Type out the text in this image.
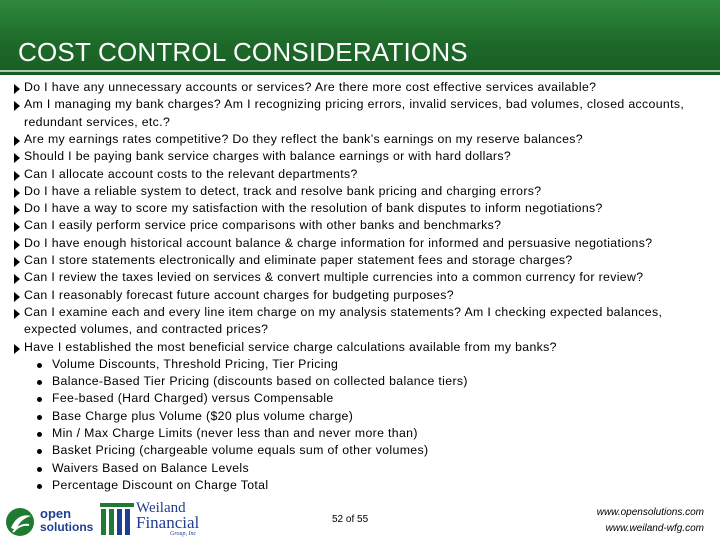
COST CONTROL CONSIDERATIONS
Do I have any unnecessary accounts or services? Are there more cost effective services available?
Am I managing my bank charges? Am I recognizing pricing errors, invalid services, bad volumes, closed accounts,
redundant services, etc.?
Are my earnings rates competitive? Do they reflect the bank’s earnings on my reserve balances?
Should I be paying bank service charges with balance earnings or with hard dollars?
Can I allocate account costs to the relevant departments?
Do I have a reliable system to detect, track and resolve bank pricing and charging errors?
Do I have a way to score my satisfaction with the resolution of bank disputes to inform negotiations?
Can I easily perform service price comparisons with other banks and benchmarks?
Do I have enough historical account balance & charge information for informed and persuasive negotiations?
Can I store statements electronically and eliminate paper statement fees and storage charges?
Can I review the taxes levied on services & convert multiple currencies into a common currency for review?
Can I reasonably forecast future account charges for budgeting purposes?
Can I examine each and every line item charge on my analysis statements? Am I checking expected balances,
expected volumes, and contracted prices?
Have I established the most beneficial service charge calculations available from my banks?
Volume Discounts, Threshold Pricing, Tier Pricing
Balance-Based Tier Pricing (discounts based on collected balance tiers)
Fee-based (Hard Charged) versus Compensable
Base Charge plus Volume ($20 plus volume charge)
Min / Max Charge Limits (never less than and never more than)
Basket Pricing (chargeable volume equals sum of other volumes)
Waivers Based on Balance Levels
Percentage Discount on Charge Total
open
solutions
Weiland
Financial
Group, Inc
52 of 55
www.opensolutions.com
www.weiland-wfg.com
